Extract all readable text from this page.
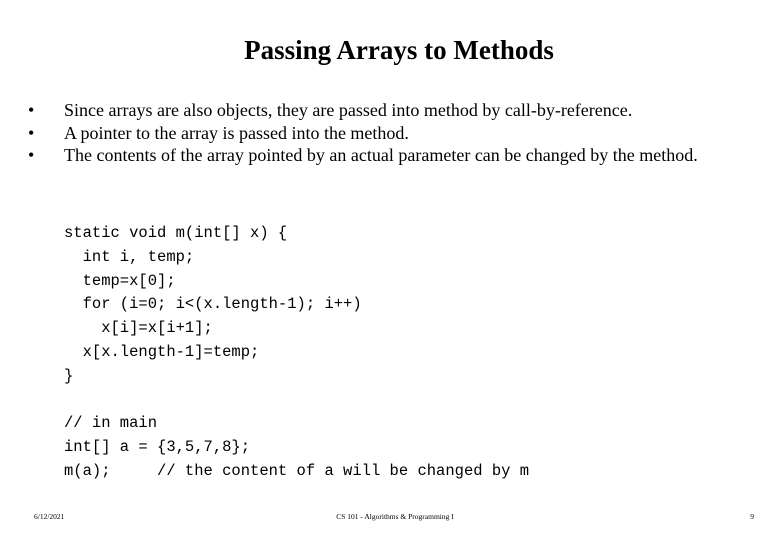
Passing Arrays to Methods
• Since arrays are also objects, they are passed into method by call-by-reference.
• A pointer to the array is passed into the method.
• The contents of the array pointed by an actual parameter can be changed by the method.
static void m(int[] x) {
int i, temp;
temp=x[0];
for (i=0; i<(x.length-1); i++)
x[i]=x[i+1];
x[x.length-1]=temp;
}
// in main
int[] a = {3,5,7,8};
m(a);     // the content of a will be changed by m
6/12/2021	CS 101 - Algorithms & Programming I	9
